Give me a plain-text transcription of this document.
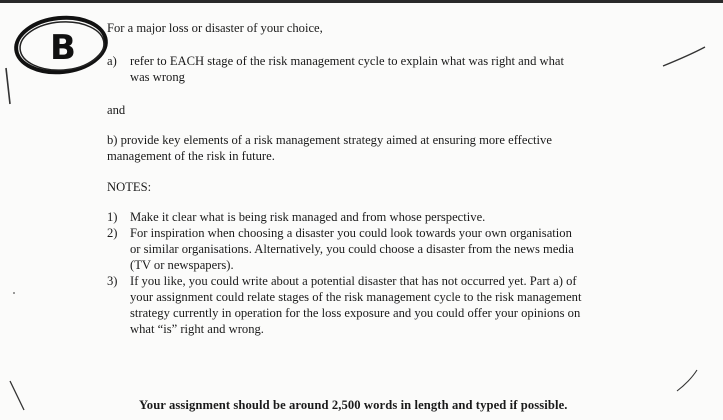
B For a major loss or disaster of your choice,
a) refer to EACH stage of the risk management cycle to explain what was right and what
was wrong
and
b) provide key elements of a risk management strategy aimed at ensuring more effective
management of the risk in future.
NOTES:
1) Make it clear what is being risk managed and from whose perspective.
2) For inspiration when choosing a disaster you could look towards your own organisation
or similar organisations. Alternatively, you could choose a disaster from the news media
(TV or newspapers).
3) If you like, you could write about a potential disaster that has not occurred yet. Part a) of
your assignment could relate stages of the risk management cycle to the risk management
strategy currently in operation for the loss exposure and you could offer your opinions on
what “is” right and wrong.
Your assignment should be around 2,500 words in length and typed if possible.
